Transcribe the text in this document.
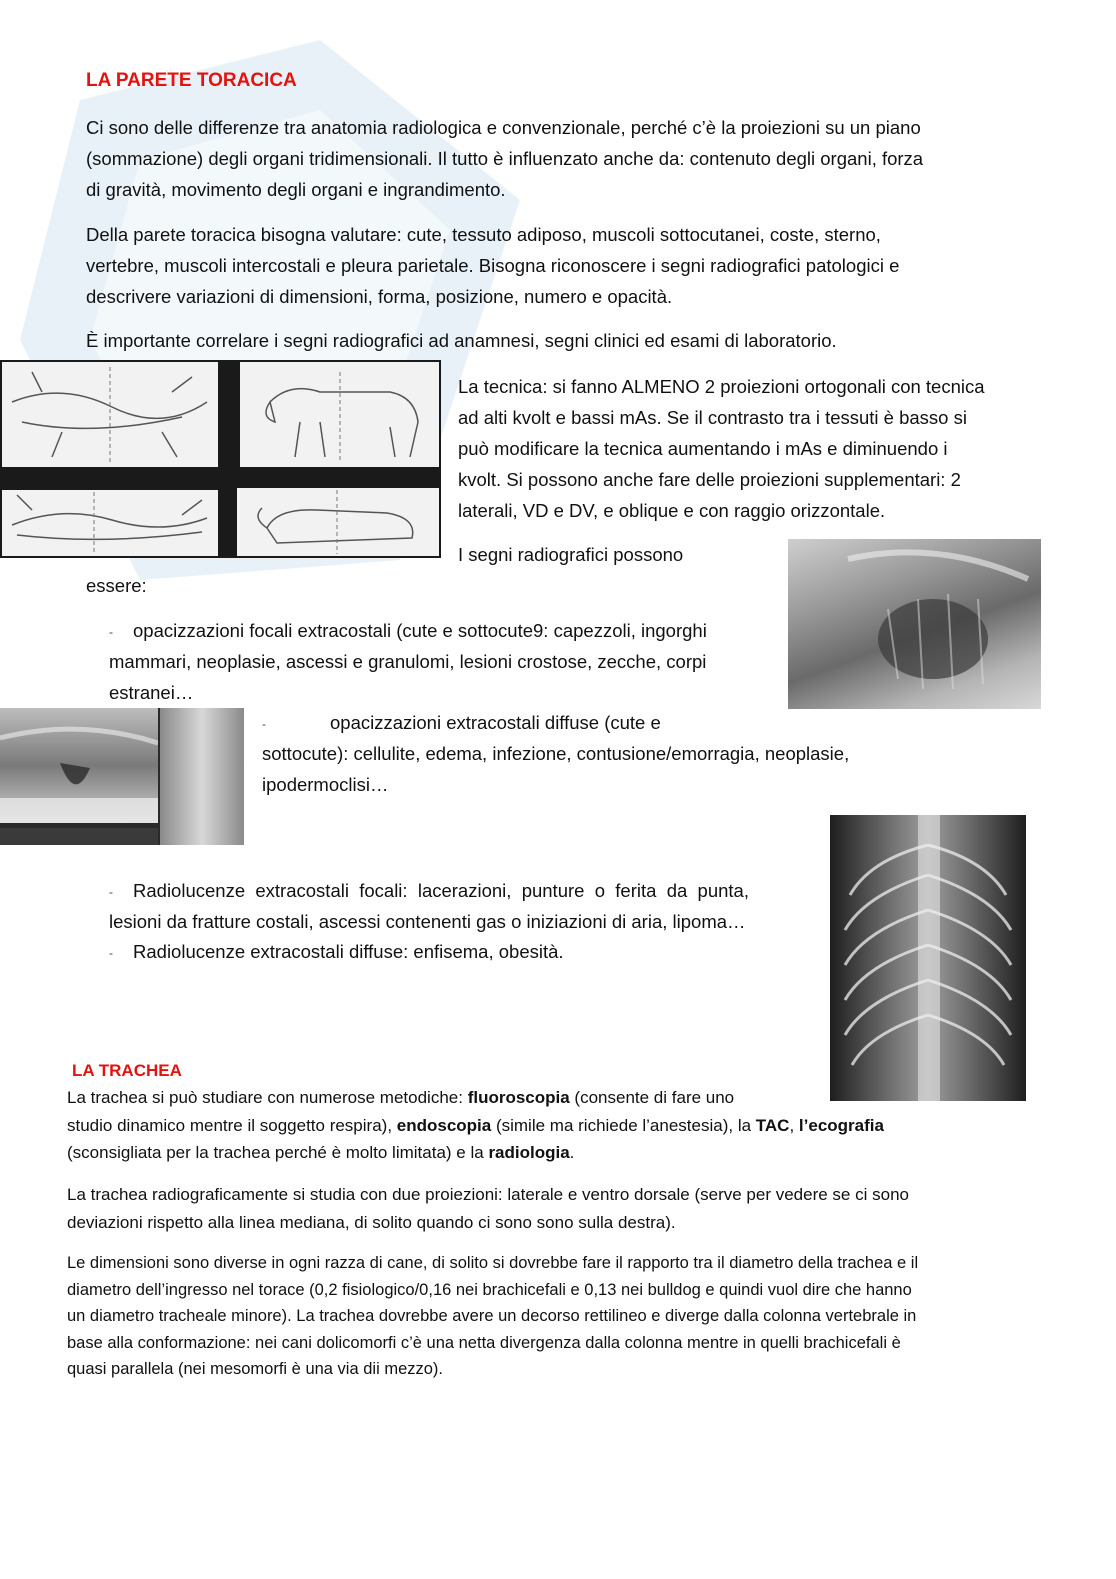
LA PARETE TORACICA
Ci sono delle differenze tra anatomia radiologica e convenzionale, perché c’è la proiezioni su un piano
(sommazione) degli organi tridimensionali. Il tutto è influenzato anche da: contenuto degli organi, forza
di gravità, movimento degli organi e ingrandimento.
Della parete toracica bisogna valutare: cute, tessuto adiposo, muscoli sottocutanei, coste, sterno,
vertebre, muscoli intercostali e pleura parietale. Bisogna riconoscere i segni radiografici patologici e
descrivere variazioni di dimensioni, forma, posizione, numero e opacità.
È importante correlare i segni radiografici ad anamnesi, segni clinici ed esami di laboratorio.
La tecnica: si fanno ALMENO 2 proiezioni ortogonali con tecnica
ad alti kvolt e bassi mAs. Se il contrasto tra i tessuti è basso si
può modificare la tecnica aumentando i mAs e diminuendo i
kvolt. Si possono anche fare delle proiezioni supplementari: 2
laterali, VD e DV, e oblique e con raggio orizzontale.
I segni radiografici possono
essere:
-	opacizzazioni focali extracostali (cute e sottocute9: capezzoli, ingorghi
mammari, neoplasie, ascessi e granulomi, lesioni crostose, zecche, corpi
estranei…
-	opacizzazioni extracostali diffuse (cute e
sottocute): cellulite, edema, infezione, contusione/emorragia, neoplasie,
ipodermoclisi…
-	Radiolucenze  extracostali  focali:  lacerazioni,  punture  o  ferita  da  punta,
lesioni da fratture costali, ascessi contenenti gas o iniziazioni di aria, lipoma…
-	Radiolucenze extracostali diffuse: enfisema, obesità.
LA TRACHEA
La trachea si può studiare con numerose metodiche: fluoroscopia (consente di fare uno
studio dinamico mentre il soggetto respira), endoscopia (simile ma richiede l’anestesia), la TAC, l’ecografia
(sconsigliata per la trachea perché è molto limitata) e la radiologia.
La trachea radiograficamente si studia con due proiezioni: laterale e ventro dorsale (serve per vedere se ci sono
deviazioni rispetto alla linea mediana, di solito quando ci sono sono sulla destra).
Le dimensioni sono diverse in ogni razza di cane, di solito si dovrebbe fare il rapporto tra il diametro della trachea e il
diametro dell’ingresso nel torace (0,2 fisiologico/0,16 nei brachicefali e 0,13 nei bulldog e quindi vuol dire che hanno
un diametro tracheale minore). La trachea dovrebbe avere un decorso rettilineo e diverge dalla colonna vertebrale in
base alla conformazione: nei cani dolicomorfi c’è una netta divergenza dalla colonna mentre in quelli brachicefali è
quasi parallela (nei mesomorfi è una via dii mezzo).
